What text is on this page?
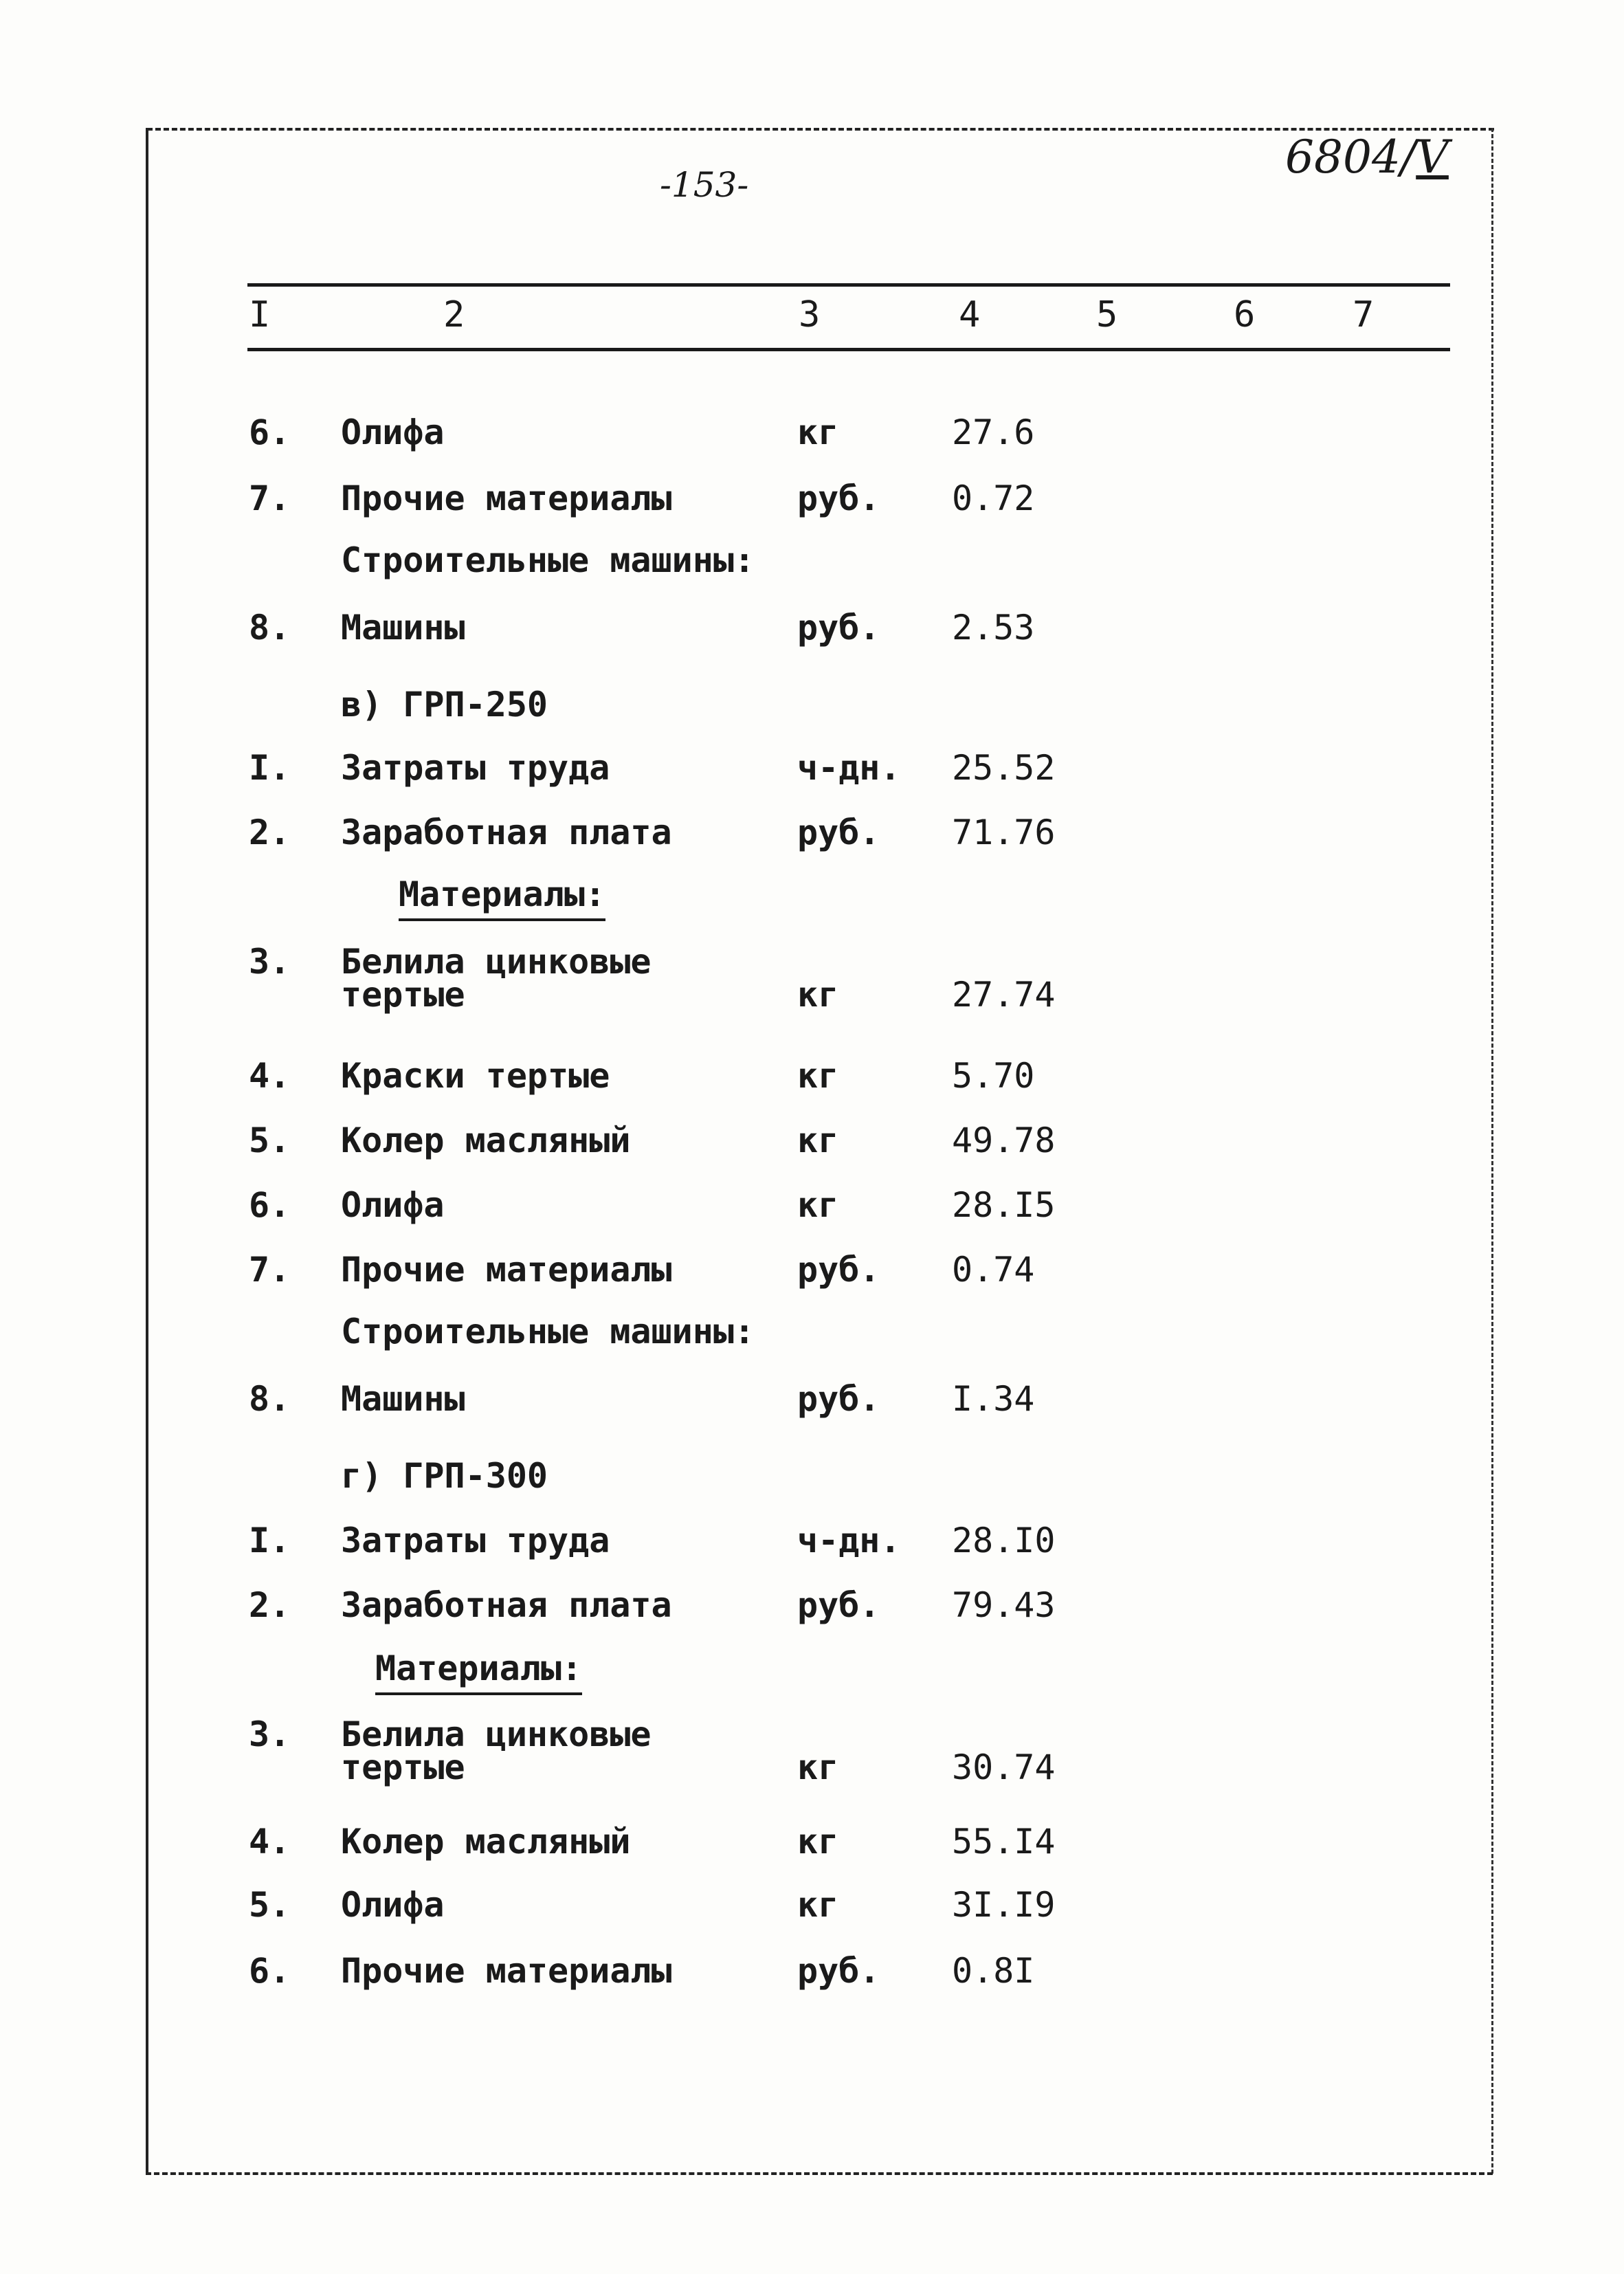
-153-
6804/V
I	2	3	4	5	6	7
6. Олифа	кг	27.6
7. Прочие материалы	руб. 0.72
Строительные машины:
8. Машины	руб. 2.53
в) ГРП-250
I. Затраты труда	ч-дн. 25.52
2. Заработная плата	руб. 71.76
Материалы:
3. Белила цинковые
тертые	кг	27.74
4. Краски тертые	кг	5.70
5. Колер масляный	кг	49.78
6. Олифа	кг	28.I5
7. Прочие материалы	руб. 0.74
Строительные машины:
8. Машины	руб. I.34
г) ГРП-300
I. Затраты труда	ч-дн. 28.I0
2. Заработная плата	руб. 79.43
Материалы:
3. Белила цинковые
тертые	кг	30.74
4. Колер масляный	кг	55.I4
5. Олифа	кг	3I.I9
6. Прочие материалы	руб. 0.8I
